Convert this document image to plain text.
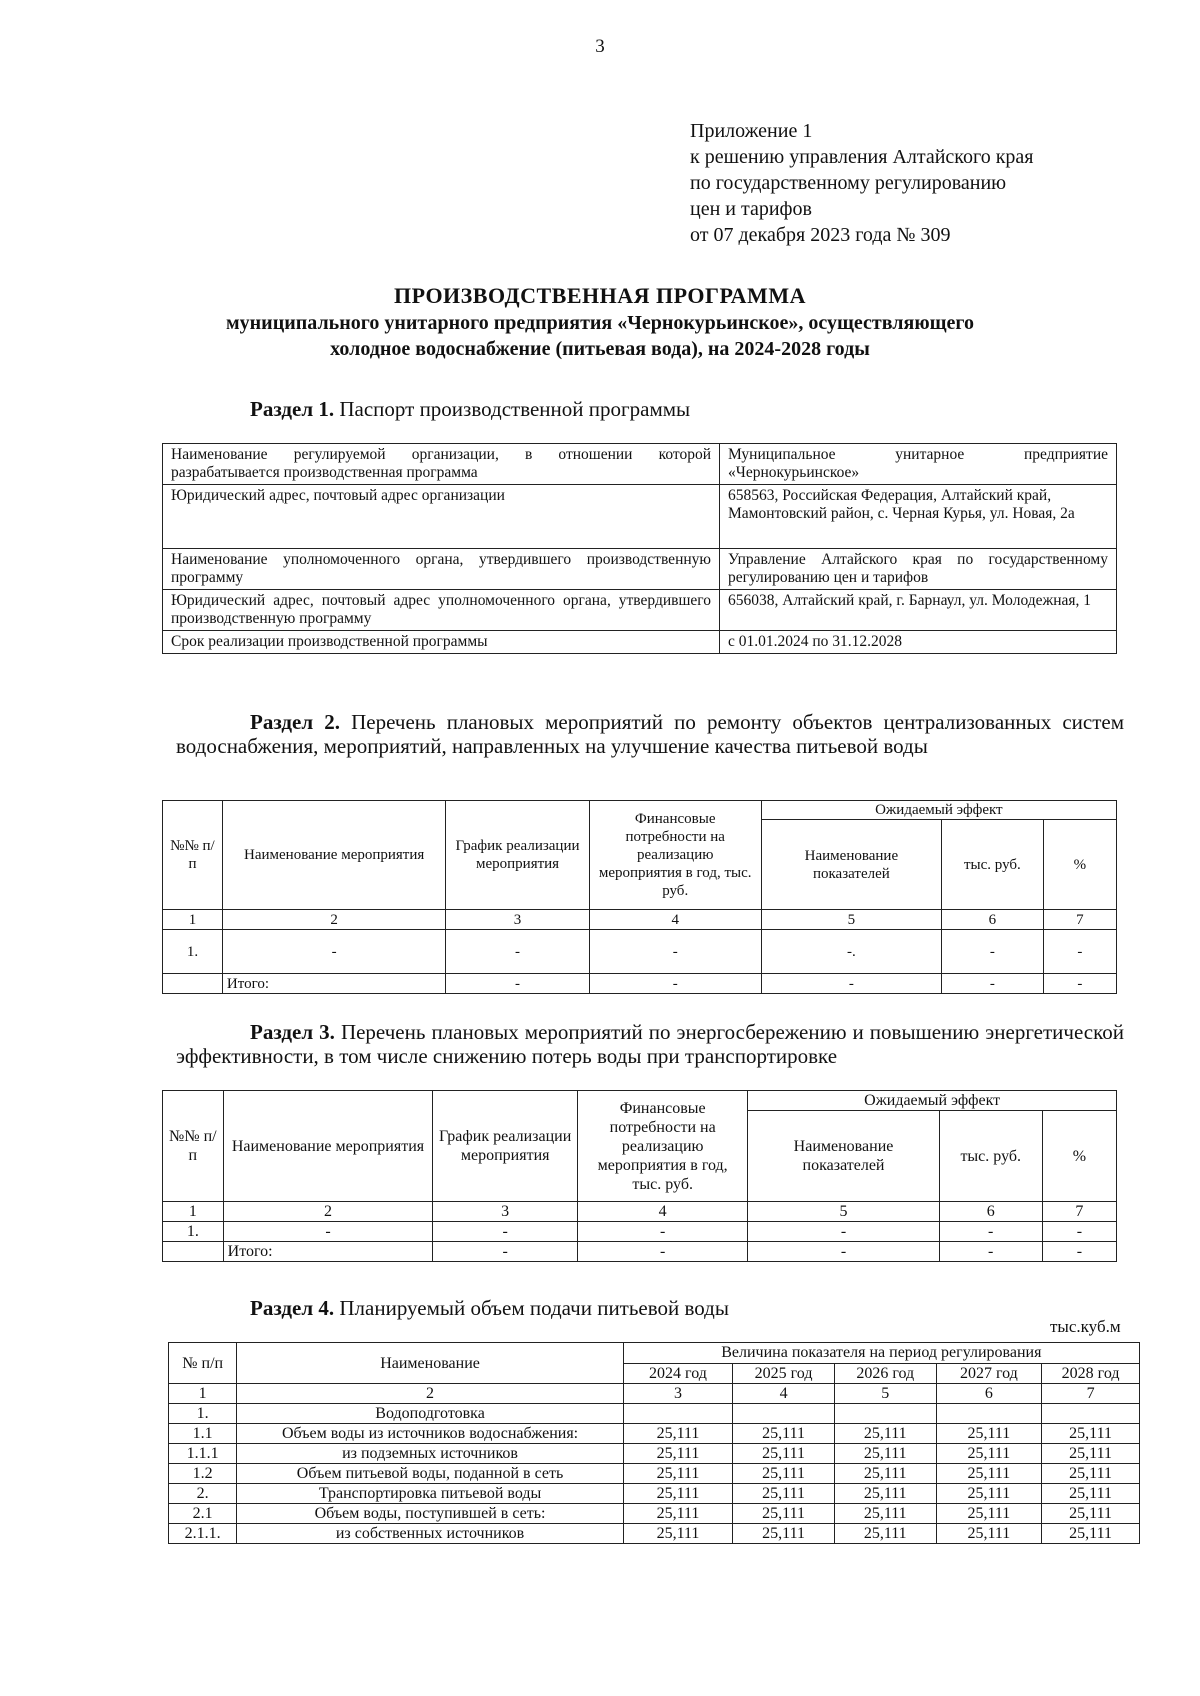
3
Приложение 1
к решению управления Алтайского края
по государственному регулированию
цен и тарифов
от 07 декабря 2023 года № 309
ПРОИЗВОДСТВЕННАЯ ПРОГРАММА
муниципального унитарного предприятия «Чернокурьинское», осуществляющего
холодное водоснабжение (питьевая вода), на 2024-2028 годы
Раздел 1. Паспорт производственной программы
Наименование регулируемой организации, в отношении которой разрабатывается производственная программа	Муниципальное унитарное предприятие «Чернокурьинское»
Юридический адрес, почтовый адрес организации	658563, Российская Федерация, Алтайский край, Мамонтовский район, с. Черная Курья, ул. Новая, 2а
Наименование уполномоченного органа, утвердившего производственную программу	Управление Алтайского края по государственному регулированию цен и тарифов
Юридический адрес, почтовый адрес уполномоченного органа, утвердившего производственную программу	656038, Алтайский край, г. Барнаул, ул. Молодежная, 1
Срок реализации производственной программы	с 01.01.2024 по 31.12.2028
Раздел 2. Перечень плановых мероприятий по ремонту объектов централизованных систем водоснабжения, мероприятий, направленных на улучшение качества питьевой воды
№№ п/п	Наименование мероприятия	График реализации мероприятия	Финансовые потребности на реализацию мероприятия в год, тыс. руб.	Ожидаемый эффект		
				Наименование показателей	тыс. руб.	%
1	2	3	4	5	6	7
1.	-	-	-	-.	-	-
	Итого:	-	-	-	-	-
Раздел 3. Перечень плановых мероприятий по энергосбережению и повышению энергетической эффективности, в том числе снижению потерь воды при транспортировке
№№ п/п	Наименование мероприятия	График реализации мероприятия	Финансовые потребности на реализацию мероприятия в год, тыс. руб.	Ожидаемый эффект		
				Наименование показателей	тыс. руб.	%
1	2	3	4	5	6	7
1.	-	-	-	-	-	-
	Итого:	-	-	-	-	-
Раздел 4. Планируемый объем подачи питьевой воды
тыс.куб.м
№ п/п	Наименование	Величина показателя на период регулирования				
		2024 год	2025 год	2026 год	2027 год	2028 год
1	2	3	4	5	6	7
1.	Водоподготовка					
1.1	Объем воды из источников водоснабжения:	25,111	25,111	25,111	25,111	25,111
1.1.1	из подземных источников	25,111	25,111	25,111	25,111	25,111
1.2	Объем питьевой воды, поданной в сеть	25,111	25,111	25,111	25,111	25,111
2.	Транспортировка питьевой воды	25,111	25,111	25,111	25,111	25,111
2.1	Объем воды, поступившей в сеть:	25,111	25,111	25,111	25,111	25,111
2.1.1.	из собственных источников	25,111	25,111	25,111	25,111	25,111
